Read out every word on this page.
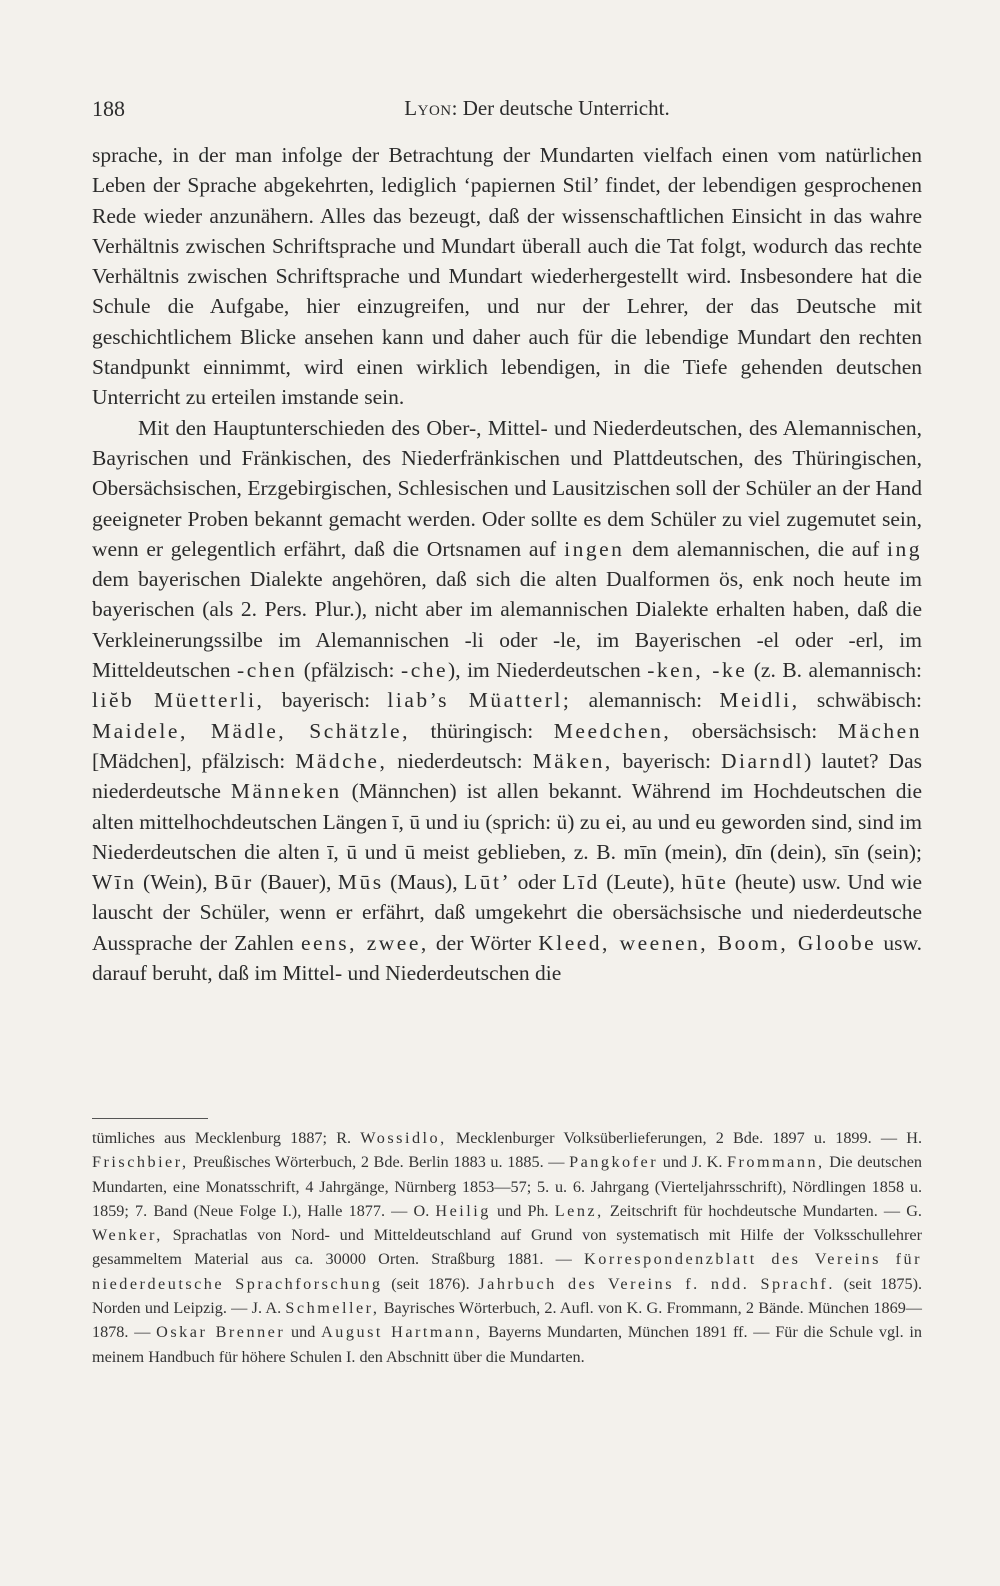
188	Lyon: Der deutsche Unterricht.

sprache, in der man infolge der Betrachtung der Mundarten vielfach einen vom natürlichen Leben der Sprache abgekehrten, lediglich ‘papiernen Stil’ findet, der lebendigen gesprochenen Rede wieder anzunähern. Alles das bezeugt, daß der wissenschaftlichen Einsicht in das wahre Verhältnis zwischen Schriftsprache und Mundart überall auch die Tat folgt, wodurch das rechte Verhältnis zwischen Schriftsprache und Mundart wiederhergestellt wird. Insbesondere hat die Schule die Aufgabe, hier einzugreifen, und nur der Lehrer, der das Deutsche mit geschichtlichem Blicke ansehen kann und daher auch für die lebendige Mundart den rechten Standpunkt einnimmt, wird einen wirklich lebendigen, in die Tiefe gehenden deutschen Unterricht zu erteilen imstande sein.

Mit den Hauptunterschieden des Ober-, Mittel- und Niederdeutschen, des Alemannischen, Bayrischen und Fränkischen, des Niederfränkischen und Plattdeutschen, des Thüringischen, Obersächsischen, Erzgebirgischen, Schlesischen und Lausitzischen soll der Schüler an der Hand geeigneter Proben bekannt gemacht werden. Oder sollte es dem Schüler zu viel zugemutet sein, wenn er gelegentlich erfährt, daß die Ortsnamen auf ingen dem alemannischen, die auf ing dem bayerischen Dialekte angehören, daß sich die alten Dualformen ös, enk noch heute im bayerischen (als 2. Pers. Plur.), nicht aber im alemannischen Dialekte erhalten haben, daß die Verkleinerungssilbe im Alemannischen -li oder -le, im Bayerischen -el oder -erl, im Mitteldeutschen -chen (pfälzisch: -che), im Niederdeutschen -ken, -ke (z. B. alemannisch: liĕb Müetterli, bayerisch: liab’s Müatterl; alemannisch: Meidli, schwäbisch: Maidele, Mädle, Schätzle, thüringisch: Meedchen, obersächsisch: Mächen [Mädchen], pfälzisch: Mädche, niederdeutsch: Mäken, bayerisch: Diarndl) lautet? Das niederdeutsche Männeken (Männchen) ist allen bekannt. Während im Hochdeutschen die alten mittelhochdeutschen Längen ī, ū und iu (sprich: ü) zu ei, au und eu geworden sind, sind im Niederdeutschen die alten ī, ū und ū meist geblieben, z. B. mīn (mein), dīn (dein), sīn (sein); Wīn (Wein), Būr (Bauer), Mūs (Maus), Lūt’ oder Līd (Leute), hūte (heute) usw. Und wie lauscht der Schüler, wenn er erfährt, daß umgekehrt die obersächsische und niederdeutsche Aussprache der Zahlen eens, zwee, der Wörter Kleed, weenen, Boom, Gloobe usw. darauf beruht, daß im Mittel- und Niederdeutschen die

tümliches aus Mecklenburg 1887; R. Wossidlo, Mecklenburger Volksüberlieferungen, 2 Bde. 1897 u. 1899. — H. Frischbier, Preußisches Wörterbuch, 2 Bde. Berlin 1883 u. 1885. — Pangkofer und J. K. Frommann, Die deutschen Mundarten, eine Monatsschrift, 4 Jahrgänge, Nürnberg 1853—57; 5. u. 6. Jahrgang (Vierteljahrsschrift), Nördlingen 1858 u. 1859; 7. Band (Neue Folge I.), Halle 1877. — O. Heilig und Ph. Lenz, Zeitschrift für hochdeutsche Mundarten. — G. Wenker, Sprachatlas von Nord- und Mitteldeutschland auf Grund von systematisch mit Hilfe der Volksschullehrer gesammeltem Material aus ca. 30000 Orten. Straßburg 1881. — Korrespondenzblatt des Vereins für niederdeutsche Sprachforschung (seit 1876). Jahrbuch des Vereins f. ndd. Sprachf. (seit 1875). Norden und Leipzig. — J. A. Schmeller, Bayrisches Wörterbuch, 2. Aufl. von K. G. Frommann, 2 Bände. München 1869—1878. — Oskar Brenner und August Hartmann, Bayerns Mundarten, München 1891 ff. — Für die Schule vgl. in meinem Handbuch für höhere Schulen I. den Abschnitt über die Mundarten.
